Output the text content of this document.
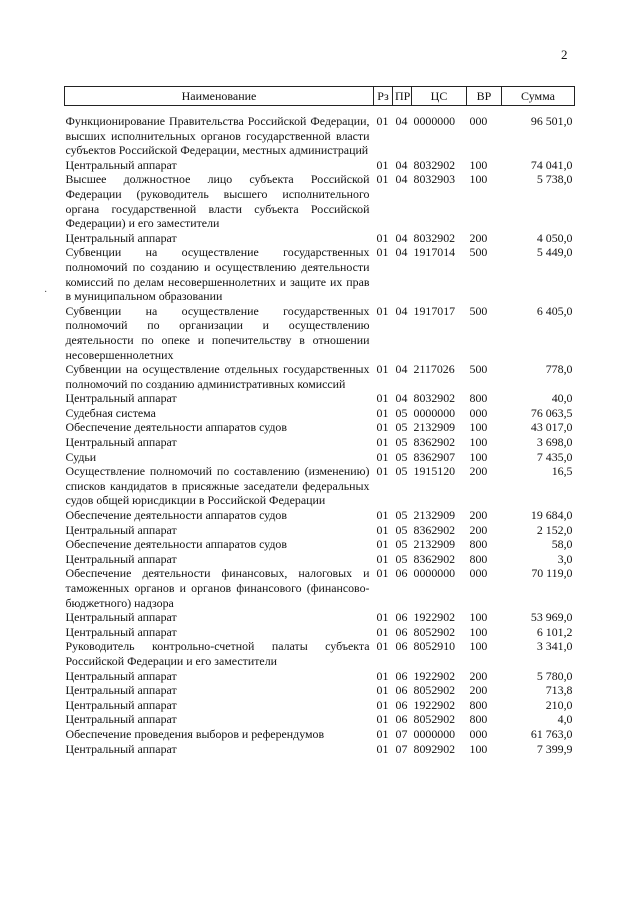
2
·
Наименование	Рз	ПР	ЦС	ВР	Сумма

Функционирование Правительства Российской Федерации, высших исполнительных органов государственной власти субъектов Российской Федерации, местных администраций	01	04	0000000	000	96 501,0
Центральный аппарат	01	04	8032902	100	74 041,0
Высшее должностное лицо субъекта Российской Федерации (руководитель высшего исполнительного органа государственной власти субъекта Российской Федерации) и его заместители	01	04	8032903	100	5 738,0
Центральный аппарат	01	04	8032902	200	4 050,0
Субвенции на осуществление государственных полномочий по созданию и осуществлению деятельности комиссий по делам несовершеннолетних и защите их прав в муниципальном образовании	01	04	1917014	500	5 449,0
Субвенции на осуществление государственных полномочий по организации и осуществлению деятельности по опеке и попечительству в отношении несовершеннолетних	01	04	1917017	500	6 405,0
Субвенции на осуществление отдельных государственных полномочий по созданию административных комиссий	01	04	2117026	500	778,0
Центральный аппарат	01	04	8032902	800	40,0
Судебная система	01	05	0000000	000	76 063,5
Обеспечение деятельности аппаратов судов	01	05	2132909	100	43 017,0
Центральный аппарат	01	05	8362902	100	3 698,0
Судьи	01	05	8362907	100	7 435,0
Осуществление полномочий по составлению (изменению) списков кандидатов в присяжные заседатели федеральных судов общей юрисдикции в Российской Федерации	01	05	1915120	200	16,5
Обеспечение деятельности аппаратов судов	01	05	2132909	200	19 684,0
Центральный аппарат	01	05	8362902	200	2 152,0
Обеспечение деятельности аппаратов судов	01	05	2132909	800	58,0
Центральный аппарат	01	05	8362902	800	3,0
Обеспечение деятельности финансовых, налоговых и таможенных органов и органов финансового (финансово-бюджетного) надзора	01	06	0000000	000	70 119,0
Центральный аппарат	01	06	1922902	100	53 969,0
Центральный аппарат	01	06	8052902	100	6 101,2
Руководитель контрольно-счетной палаты субъекта Российской Федерации и его заместители	01	06	8052910	100	3 341,0
Центральный аппарат	01	06	1922902	200	5 780,0
Центральный аппарат	01	06	8052902	200	713,8
Центральный аппарат	01	06	1922902	800	210,0
Центральный аппарат	01	06	8052902	800	4,0
Обеспечение проведения выборов и референдумов	01	07	0000000	000	61 763,0
Центральный аппарат	01	07	8092902	100	7 399,9
